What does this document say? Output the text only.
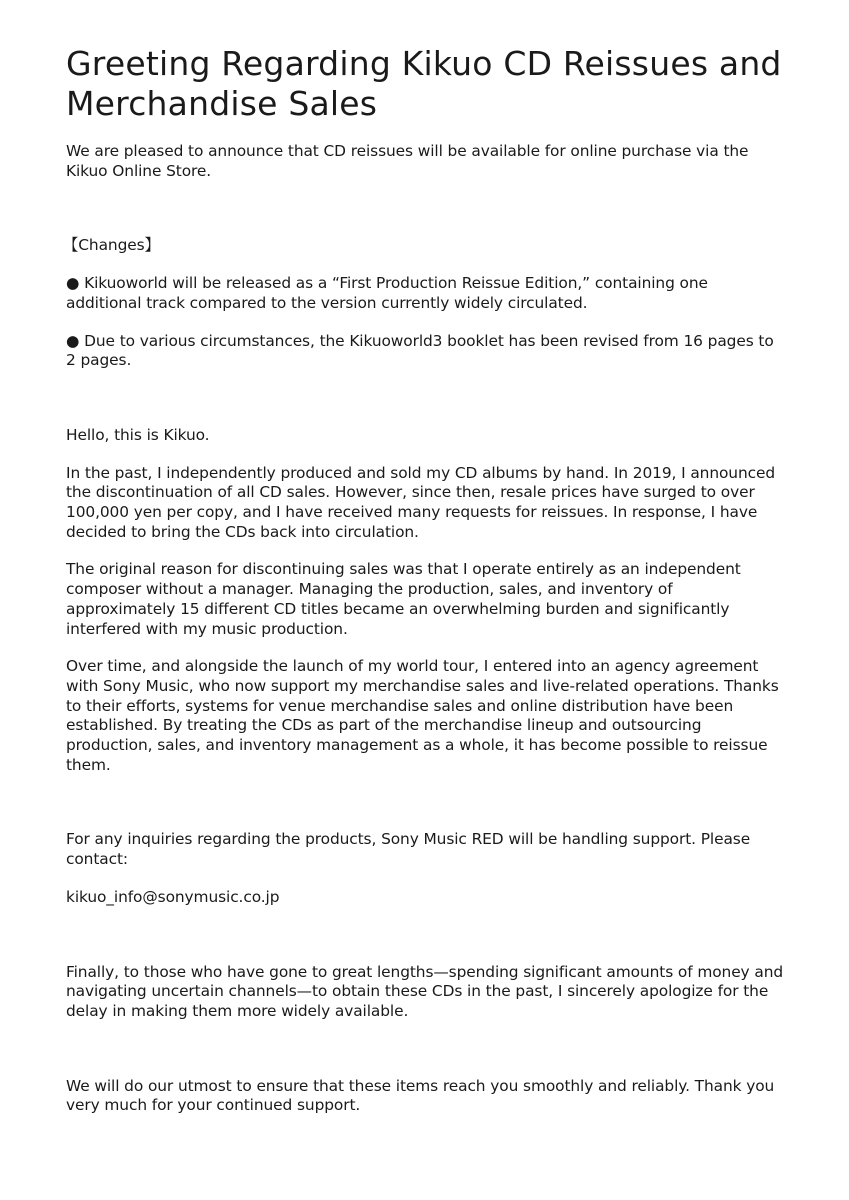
Greeting Regarding Kikuo CD Reissues and Merchandise Sales

We are pleased to announce that CD reissues will be available for online purchase via the Kikuo Online Store.

【Changes】

● Kikuoworld will be released as a “First Production Reissue Edition,” containing one additional track compared to the version currently widely circulated.

● Due to various circumstances, the Kikuoworld3 booklet has been revised from 16 pages to 2 pages.

Hello, this is Kikuo.

In the past, I independently produced and sold my CD albums by hand. In 2019, I announced the discontinuation of all CD sales. However, since then, resale prices have surged to over 100,000 yen per copy, and I have received many requests for reissues. In response, I have decided to bring the CDs back into circulation.

The original reason for discontinuing sales was that I operate entirely as an independent composer without a manager. Managing the production, sales, and inventory of approximately 15 different CD titles became an overwhelming burden and significantly interfered with my music production.

Over time, and alongside the launch of my world tour, I entered into an agency agreement with Sony Music, who now support my merchandise sales and live-related operations. Thanks to their efforts, systems for venue merchandise sales and online distribution have been established. By treating the CDs as part of the merchandise lineup and outsourcing production, sales, and inventory management as a whole, it has become possible to reissue them.

For any inquiries regarding the products, Sony Music RED will be handling support. Please contact:

kikuo_info@sonymusic.co.jp

Finally, to those who have gone to great lengths—spending significant amounts of money and navigating uncertain channels—to obtain these CDs in the past, I sincerely apologize for the delay in making them more widely available.

We will do our utmost to ensure that these items reach you smoothly and reliably. Thank you very much for your continued support.
